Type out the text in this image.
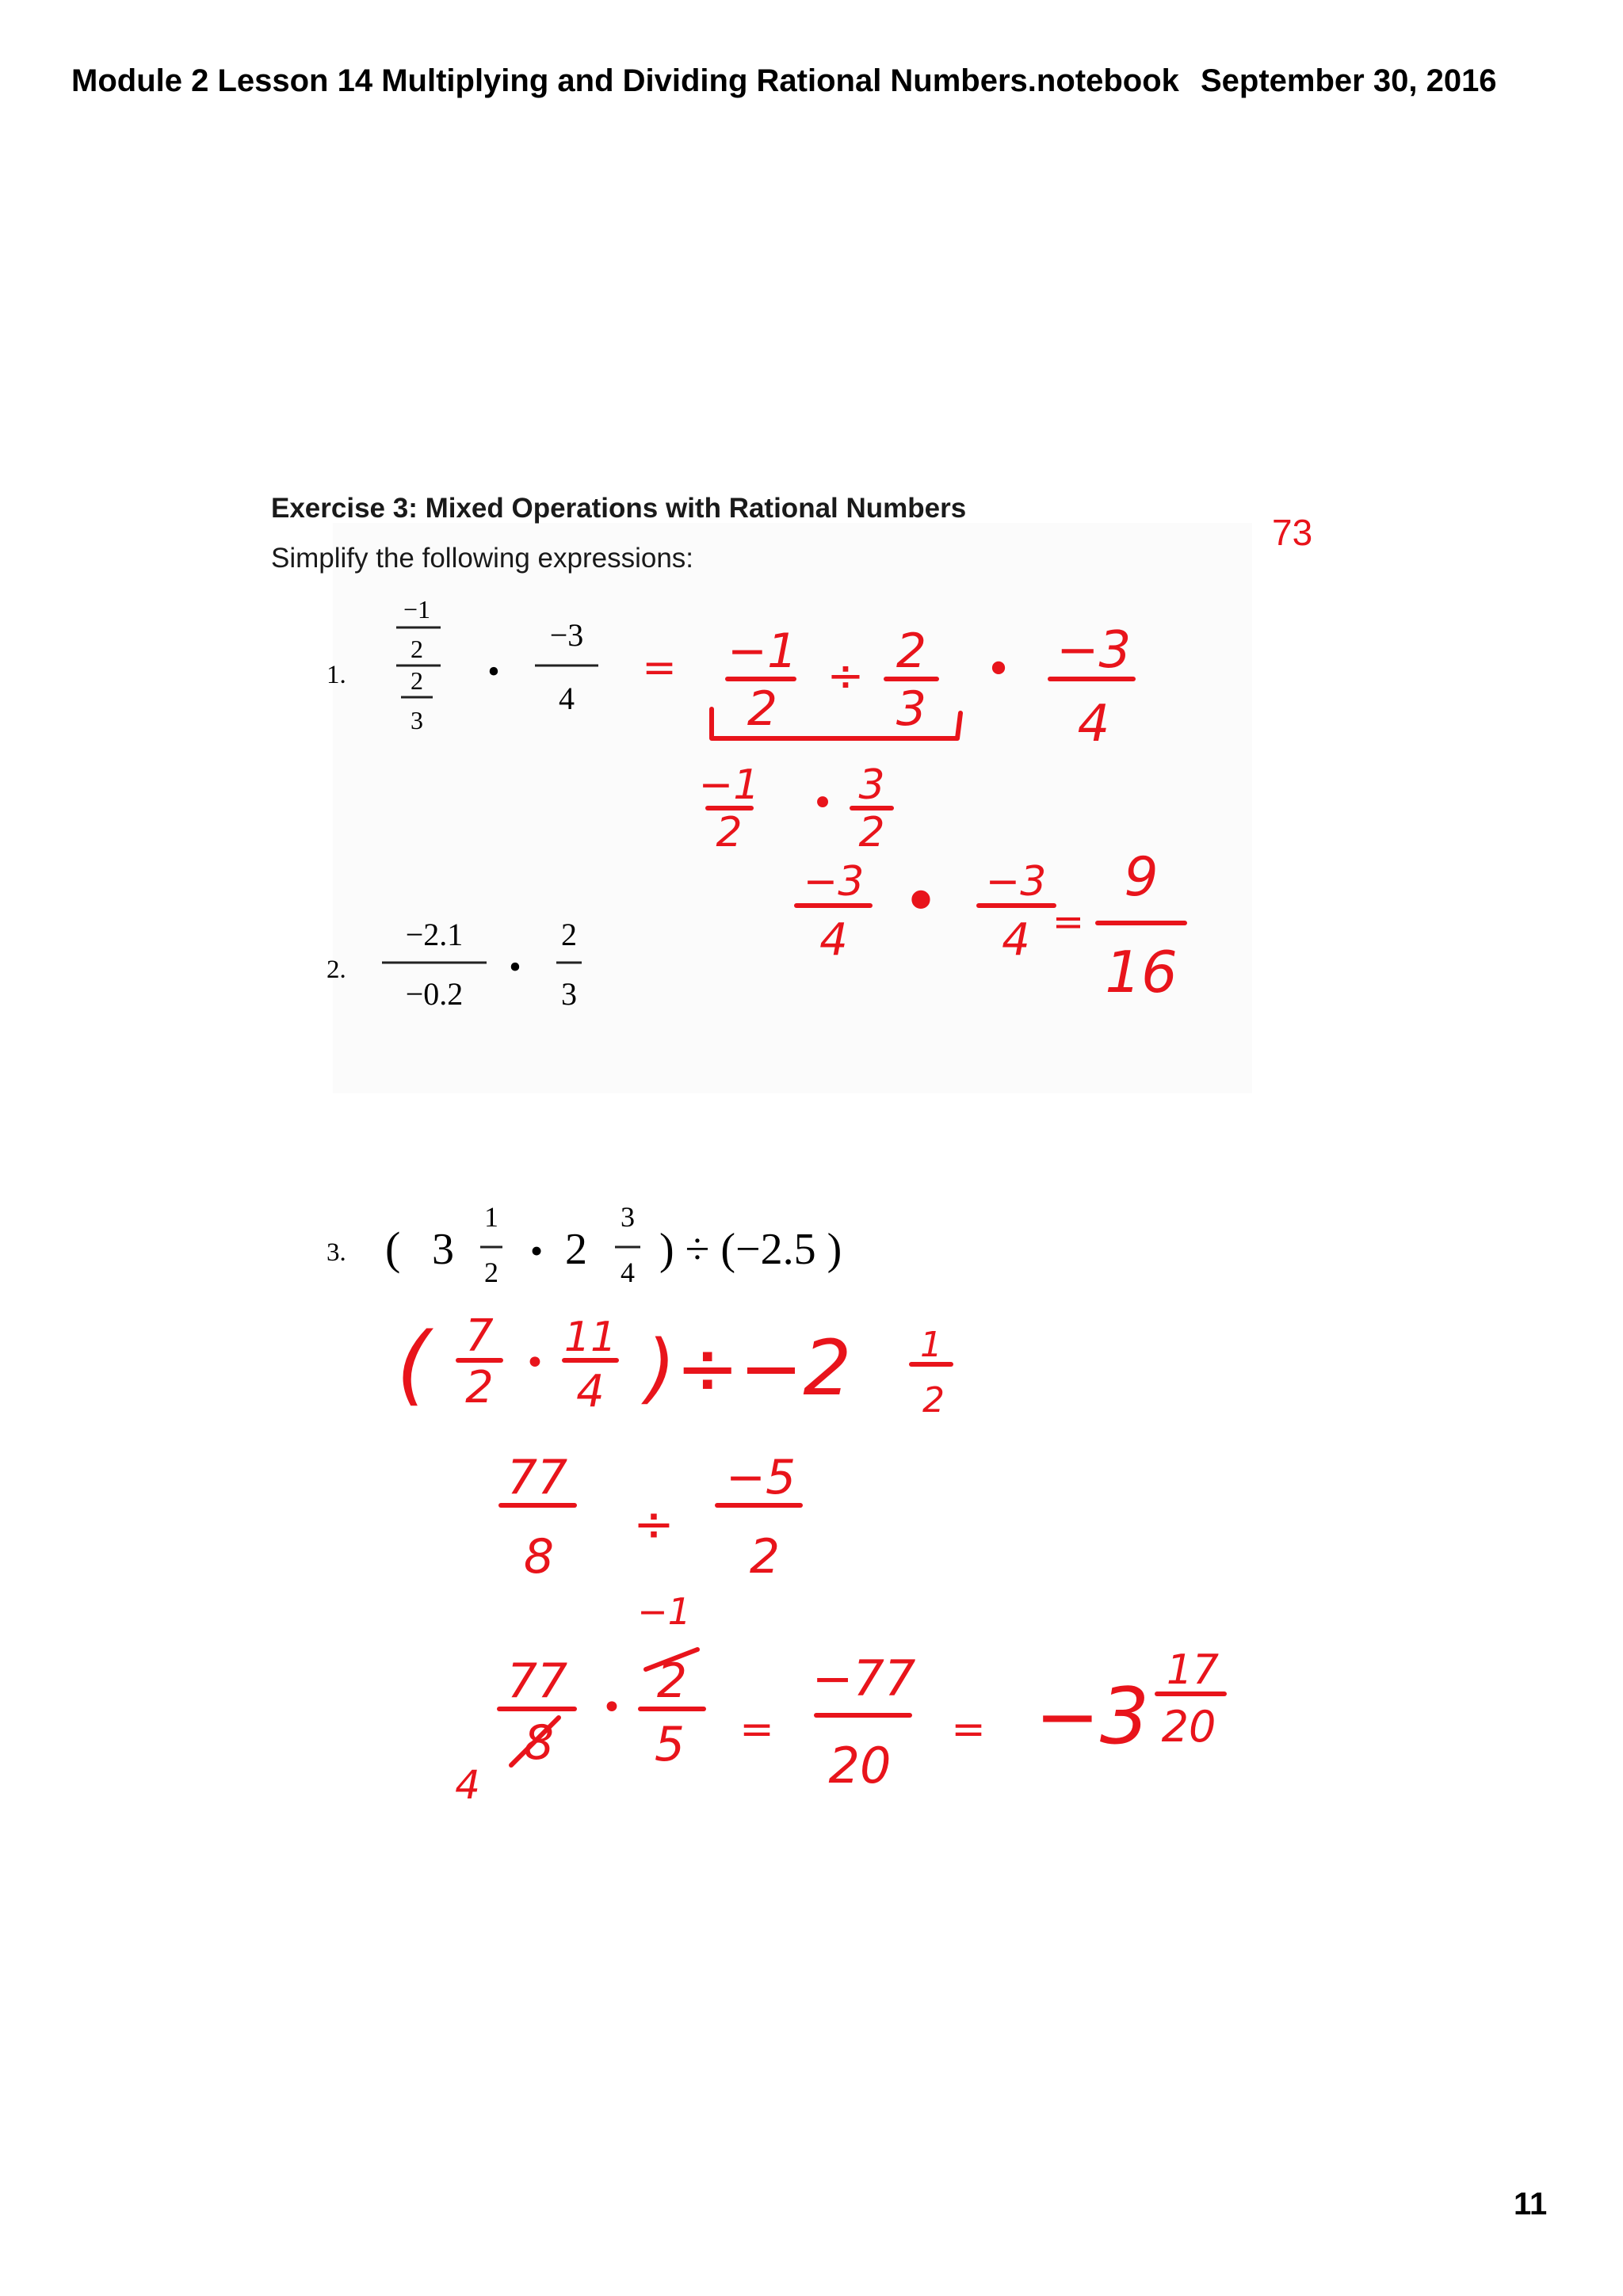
Module 2 Lesson 14 Multiplying and Dividing Rational Numbers.notebook September 30, 2016
Exercise 3: Mixed Operations with Rational Numbers
Simplify the following expressions:
73
1.
−1
2
2
3
•
−3
4
2.
−2.1
−0.2
•
2
3
3. ( 3
1
2
• 2
3
4 ) ÷ (−2.5 )
= −1
2
÷ 2
3
• −3
4
−1
2
• 3
2
−3
4
• −3
4 =
9
16
( 7
2 •
11
4 )÷−2 1
2
77
8
÷
−5
2
−1
4
77
8
• 2
5 =
−77
20
= −3
17
20
11
